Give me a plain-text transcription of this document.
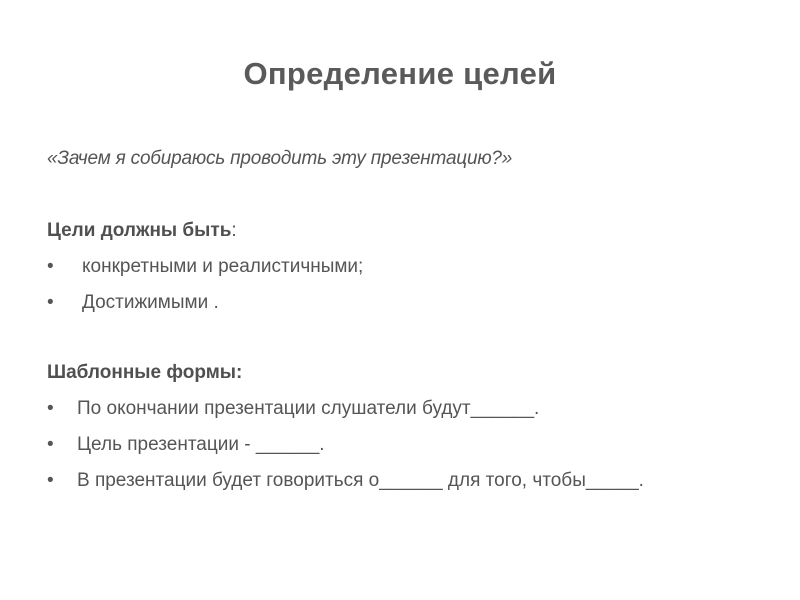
Определение целей
«Зачем я собираюсь проводить эту презентацию?»
Цели должны быть:
•	конкретными и реалистичными;
•	Достижимыми .
Шаблонные формы:
•	По окончании презентации слушатели будут______.
•	Цель презентации - ______.
•	В презентации будет говориться о______ для того, чтобы_____.
